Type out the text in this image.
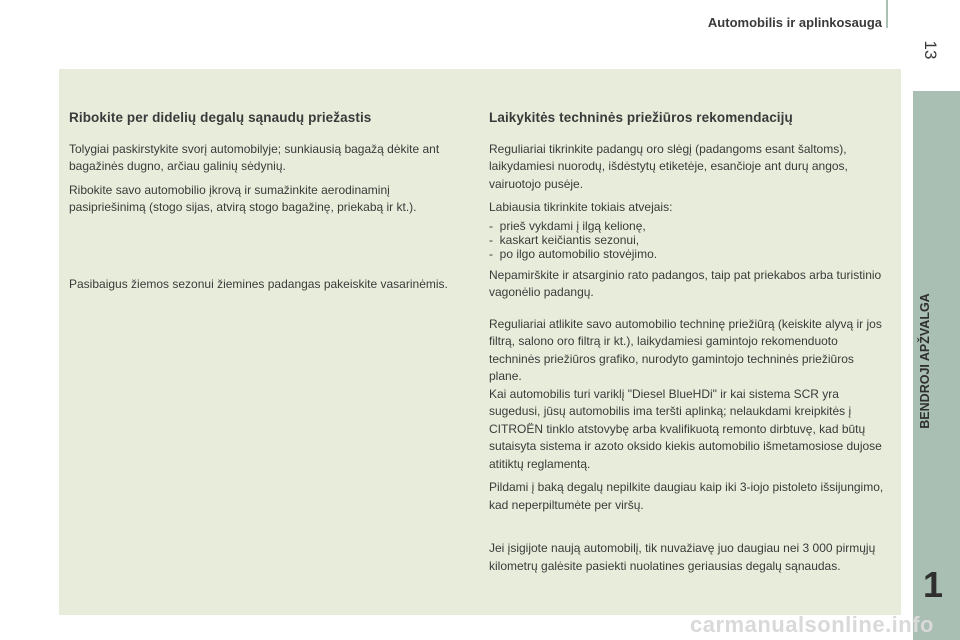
Automobilis ir aplinkosauga
13
Ribokite per didelių degalų sąnaudų priežastis

Tolygiai paskirstykite svorį automobilyje; sunkiausią bagažą dėkite ant bagažinės dugno, arčiau galinių sėdynių.

Ribokite savo automobilio įkrovą ir sumažinkite aerodinaminį pasipriešinimą (stogo sijas, atvirą stogo bagažinę, priekabą ir kt.).

Pasibaigus žiemos sezonui žiemines padangas pakeiskite vasarinėmis.

Laikykitės techninės priežiūros rekomendacijų

Reguliariai tikrinkite padangų oro slėgį (padangoms esant šaltoms), laikydamiesi nuorodų, išdėstytų etiketėje, esančioje ant durų angos, vairuotojo pusėje.

Labiausia tikrinkite tokiais atvejais:

- prieš vykdami į ilgą kelionę,
- kaskart keičiantis sezonui,
- po ilgo automobilio stovėjimo.

Nepamirškite ir atsarginio rato padangos, taip pat priekabos arba turistinio vagonėlio padangų.

Reguliariai atlikite savo automobilio techninę priežiūrą (keiskite alyvą ir jos filtrą, salono oro filtrą ir kt.), laikydamiesi gamintojo rekomenduoto techninės priežiūros grafiko, nurodyto gamintojo techninės priežiūros plane.

Kai automobilis turi variklį "Diesel BlueHDi" ir kai sistema SCR yra sugedusi, jūsų automobilis ima teršti aplinką; nelaukdami kreipkitės į CITROËN tinklo atstovybę arba kvalifikuotą remonto dirbtuvę, kad būtų sutaisyta sistema ir azoto oksido kiekis automobilio išmetamosiose dujose atitiktų reglamentą.

Pildami į baką degalų nepilkite daugiau kaip iki 3-iojo pistoleto išsijungimo, kad neperpiltumėte per viršų.

Jei įsigijote naują automobilį, tik nuvažiavę juo daugiau nei 3 000 pirmųjų kilometrų galėsite pasiekti nuolatines geriausias degalų sąnaudas.

BENDROJI APŽVALGA
1
carmanualsonline.info
